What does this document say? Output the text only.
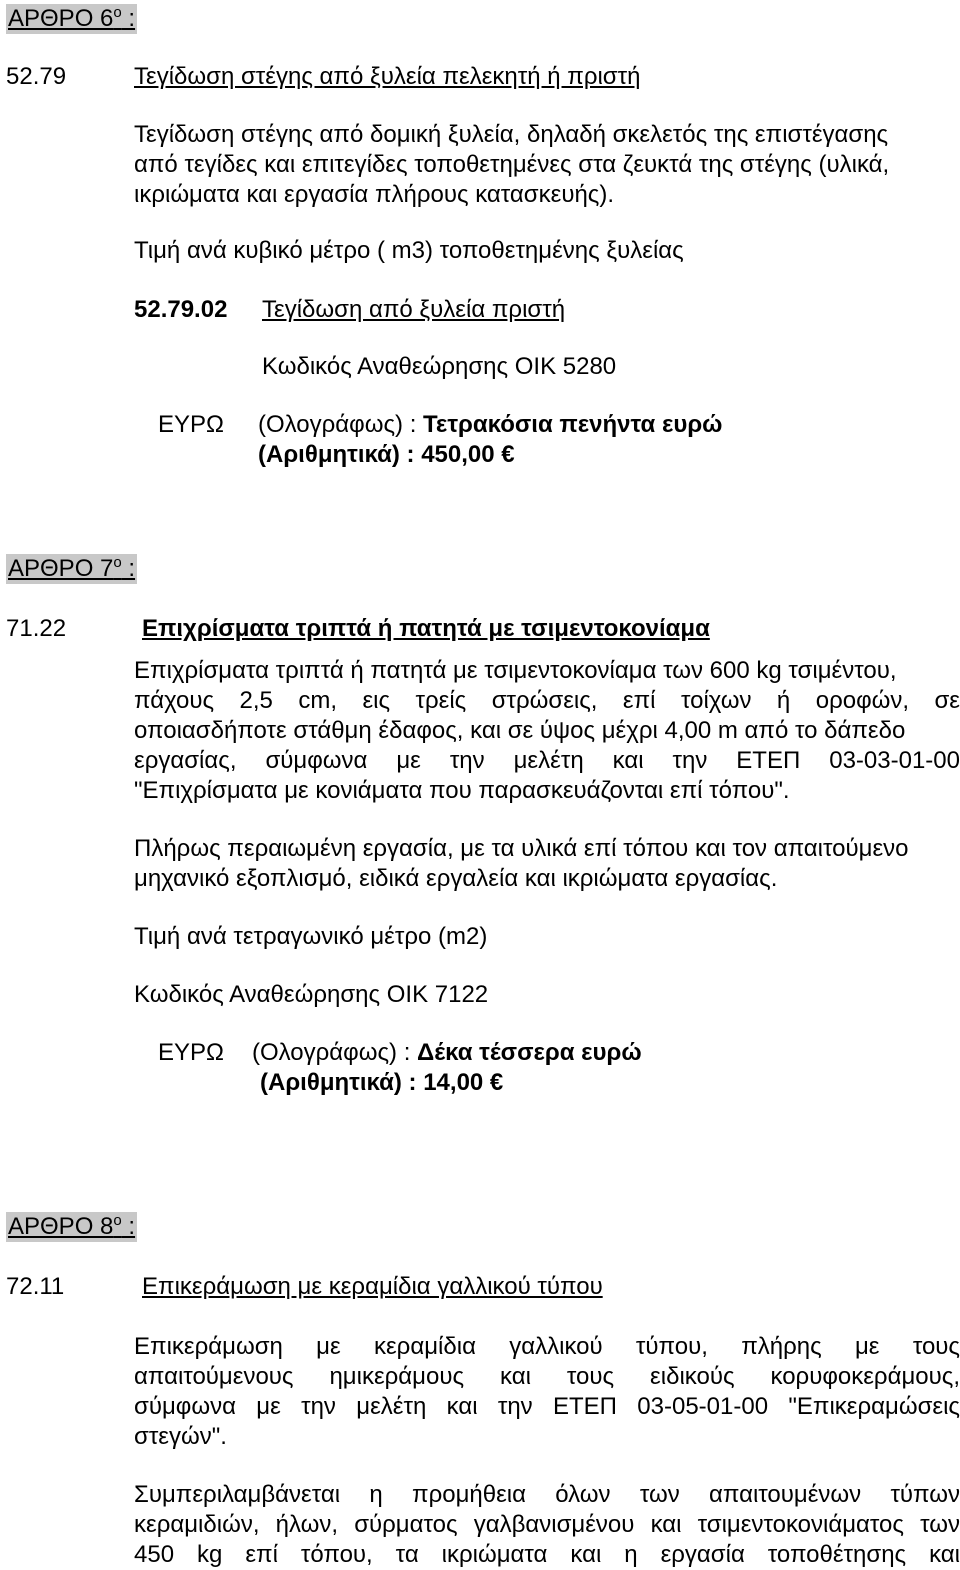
ΑΡΘΡΟ $6^o$ :
52.79	Τεγίδωση στέγης από ξυλεία πελεκητή ή πριστή
Τεγίδωση στέγης από δομική ξυλεία, δηλαδή σκελετός της επιστέγασης
από τεγίδες και επιτεγίδες τοποθετημένες στα ζευκτά της στέγης (υλικά,
ικριώματα και εργασία πλήρους κατασκευής).
Τιμή ανά κυβικό μέτρο ( m3) τοποθετημένης ξυλείας
52.79.02 Τεγίδωση από ξυλεία πριστή
Κωδικός Αναθεώρησης ΟΙΚ 5280
ΕΥΡΩ (Ολογράφως) : Τετρακόσια πενήντα ευρώ
(Αριθμητικά) : 450,00 €
ΑΡΘΡΟ $7^o$ :
71.22	Επιχρίσματα τριπτά ή πατητά με τσιμεντοκονίαμα
Επιχρίσματα τριπτά ή πατητά με τσιμεντοκονίαμα των 600 kg τσιμέντου,
πάχους 2,5 cm, εις τρείς στρώσεις, επί τοίχων ή οροφών, σε
οποιασδήποτε στάθμη έδαφος, και σε ύψος μέχρι 4,00 m από το δάπεδο
εργασίας, σύμφωνα με την μελέτη και την ΕΤΕΠ 03-03-01-00
"Επιχρίσματα με κονιάματα που παρασκευάζονται επί τόπου".
Πλήρως περαιωμένη εργασία, με τα υλικά επί τόπου και τον απαιτούμενο
μηχανικό εξοπλισμό, ειδικά εργαλεία και ικριώματα εργασίας.
Τιμή ανά τετραγωνικό μέτρο (m2)
Κωδικός Αναθεώρησης ΟΙΚ 7122
ΕΥΡΩ (Ολογράφως) : Δέκα τέσσερα ευρώ
(Αριθμητικά) : 14,00 €
ΑΡΘΡΟ $8^o$ :
72.11	Επικεράμωση με κεραμίδια γαλλικού τύπου
Επικεράμωση με κεραμίδια γαλλικού τύπου, πλήρης με τους
απαιτούμενους ημικεράμους και τους ειδικούς κορυφοκεράμους,
σύμφωνα με την μελέτη και την ΕΤΕΠ 03-05-01-00 "Επικεραμώσεις
στεγών".
Συμπεριλαμβάνεται η προμήθεια όλων των απαιτουμένων τύπων
κεραμιδιών, ήλων, σύρματος γαλβανισμένου και τσιμεντοκονιάματος των
450 kg επί τόπου, τα ικριώματα και η εργασία τοποθέτησης και
